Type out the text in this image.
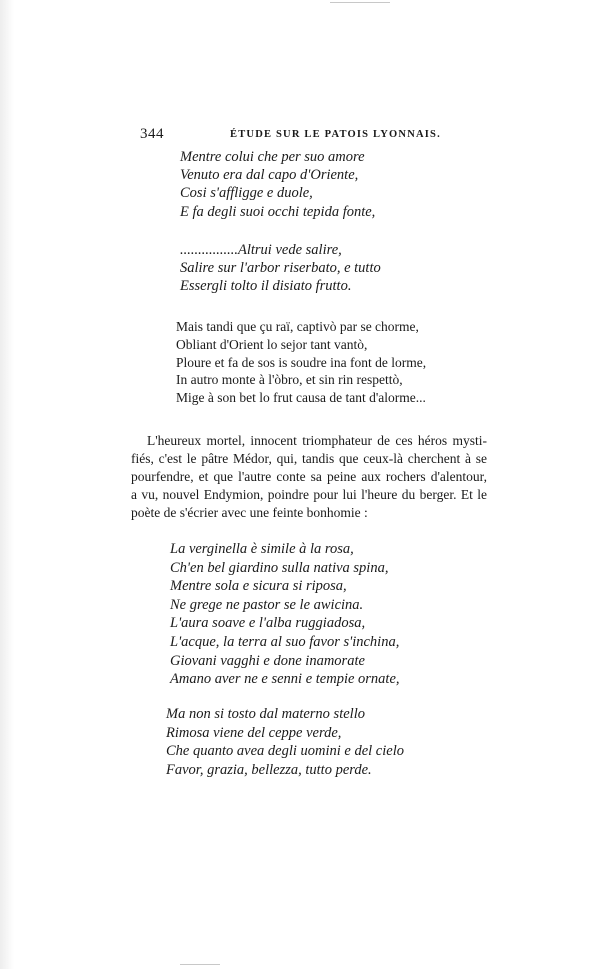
344	ÉTUDE SUR LE PATOIS LYONNAIS.
Mentre colui che per suo amore
Venuto era dal capo d'Oriente,
Cosi s'affligge e duole,
E fa degli suoi occhi tepida fonte,
................Altrui vede salire,
Salire sur l'arbor riserbato, e tutto
Essergli tolto il disiato frutto.
Mais tandi que çu raï, captivò par se chorme,
Obliant d'Orient lo sejor tant vantò,
Ploure et fa de sos is soudre ina font de lorme,
In autro monte à l'òbro, et sin rin respettò,
Mige à son bet lo frut causa de tant d'alorme...
L'heureux mortel, innocent triomphateur de ces héros mysti-
fiés, c'est le pâtre Médor, qui, tandis que ceux-là cherchent à se
pourfendre, et que l'autre conte sa peine aux rochers d'alentour,
a vu, nouvel Endymion, poindre pour lui l'heure du berger. Et le
poète de s'écrier avec une feinte bonhomie :
La verginella è simile à la rosa,
Ch'en bel giardino sulla nativa spina,
Mentre sola e sicura si riposa,
Ne grege ne pastor se le awicina.
L'aura soave e l'alba ruggiadosa,
L'acque, la terra al suo favor s'inchina,
Giovani vagghi e done inamorate
Amano aver ne e senni e tempie ornate,
Ma non si tosto dal materno stello
Rimosa viene del ceppe verde,
Che quanto avea degli uomini e del cielo
Favor, grazia, bellezza, tutto perde.
